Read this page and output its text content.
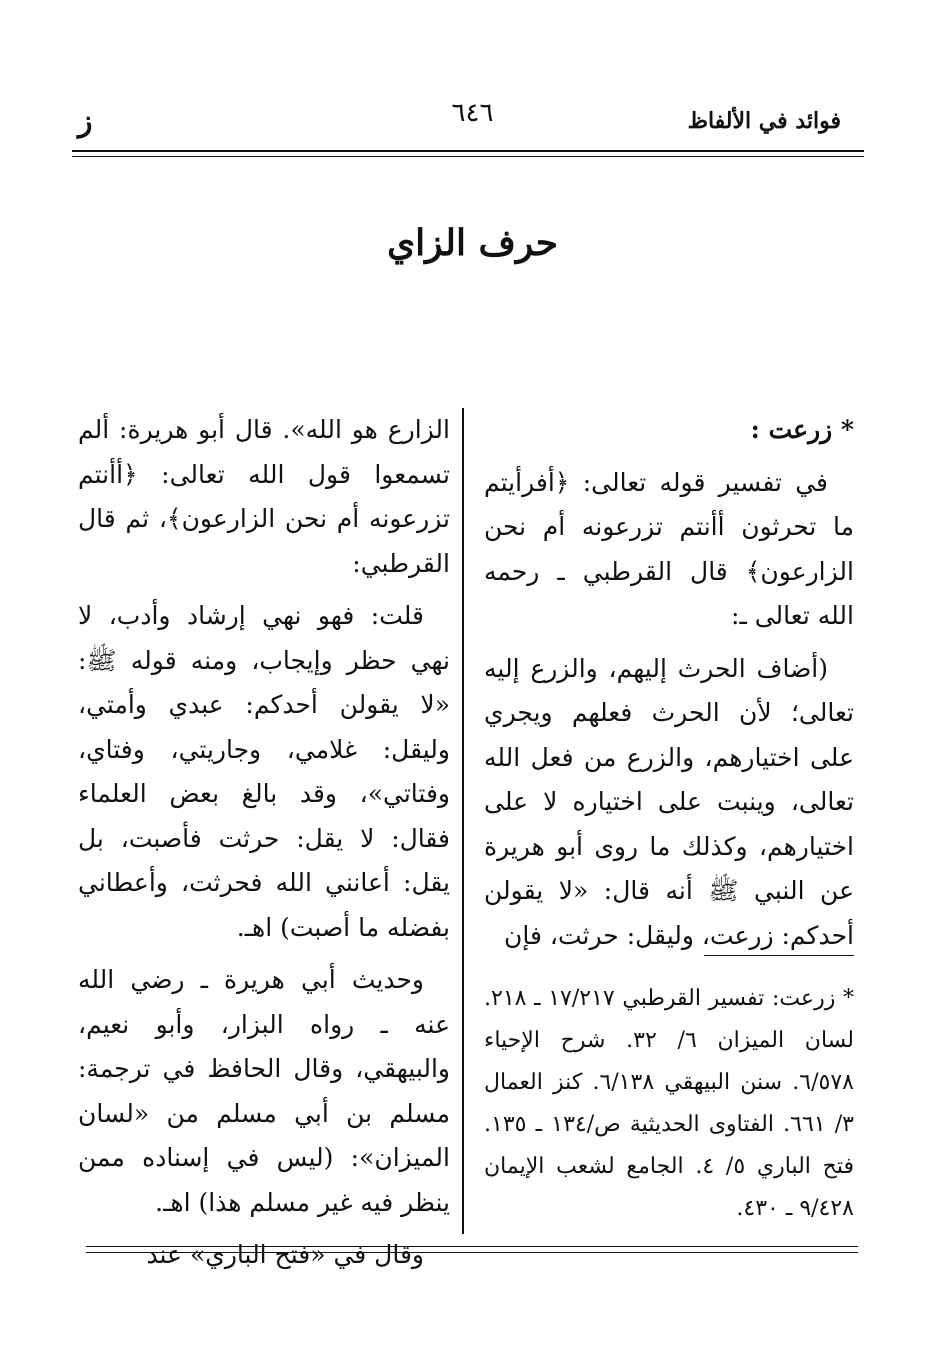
ز	٦٤٦	فوائد في الألفاظ
حرف الزاي

* زرعت :

في تفسير قوله تعالى: ﴿أفرأيتم ما تحرثون أأنتم تزرعونه أم نحن الزارعون﴾ قال القرطبي ـ رحمه الله تعالى ـ:

(أضاف الحرث إليهم، والزرع إليه تعالى؛ لأن الحرث فعلهم ويجري على اختيارهم، والزرع من فعل الله تعالى، وينبت على اختياره لا على اختيارهم، وكذلك ما روى أبو هريرة عن النبي ﷺ أنه قال: «لا يقولن أحدكم: زرعت، وليقل: حرثت، فإن

الزارع هو الله». قال أبو هريرة: ألم تسمعوا قول الله تعالى: ﴿أأنتم تزرعونه أم نحن الزارعون﴾، ثم قال القرطبي:

قلت: فهو نهي إرشاد وأدب، لا نهي حظر وإيجاب، ومنه قوله ﷺ: «لا يقولن أحدكم: عبدي وأمتي، وليقل: غلامي، وجاريتي، وفتاي، وفتاتي»، وقد بالغ بعض العلماء فقال: لا يقل: حرثت فأصبت، بل يقل: أعانني الله فحرثت، وأعطاني بفضله ما أصبت) اهـ.

وحديث أبي هريرة ـ رضي الله عنه ـ رواه البزار، وأبو نعيم، والبيهقي، وقال الحافظ في ترجمة: مسلم بن أبي مسلم من «لسان الميزان»: (ليس في إسناده ممن ينظر فيه غير مسلم هذا) اهـ.

وقال في «فتح الباري» عند

* زرعت: تفسير القرطبي ١٧/٢١٧ ـ ٢١٨. لسان الميزان ٦/ ٣٢. شرح الإحياء ٦/٥٧٨. سنن البيهقي ٦/١٣٨. كنز العمال ٣/ ٦٦١. الفتاوى الحديثية ص/١٣٤ ـ ١٣٥. فتح الباري ٥/ ٤. الجامع لشعب الإيمان ٩/٤٢٨ ـ ٤٣٠.
